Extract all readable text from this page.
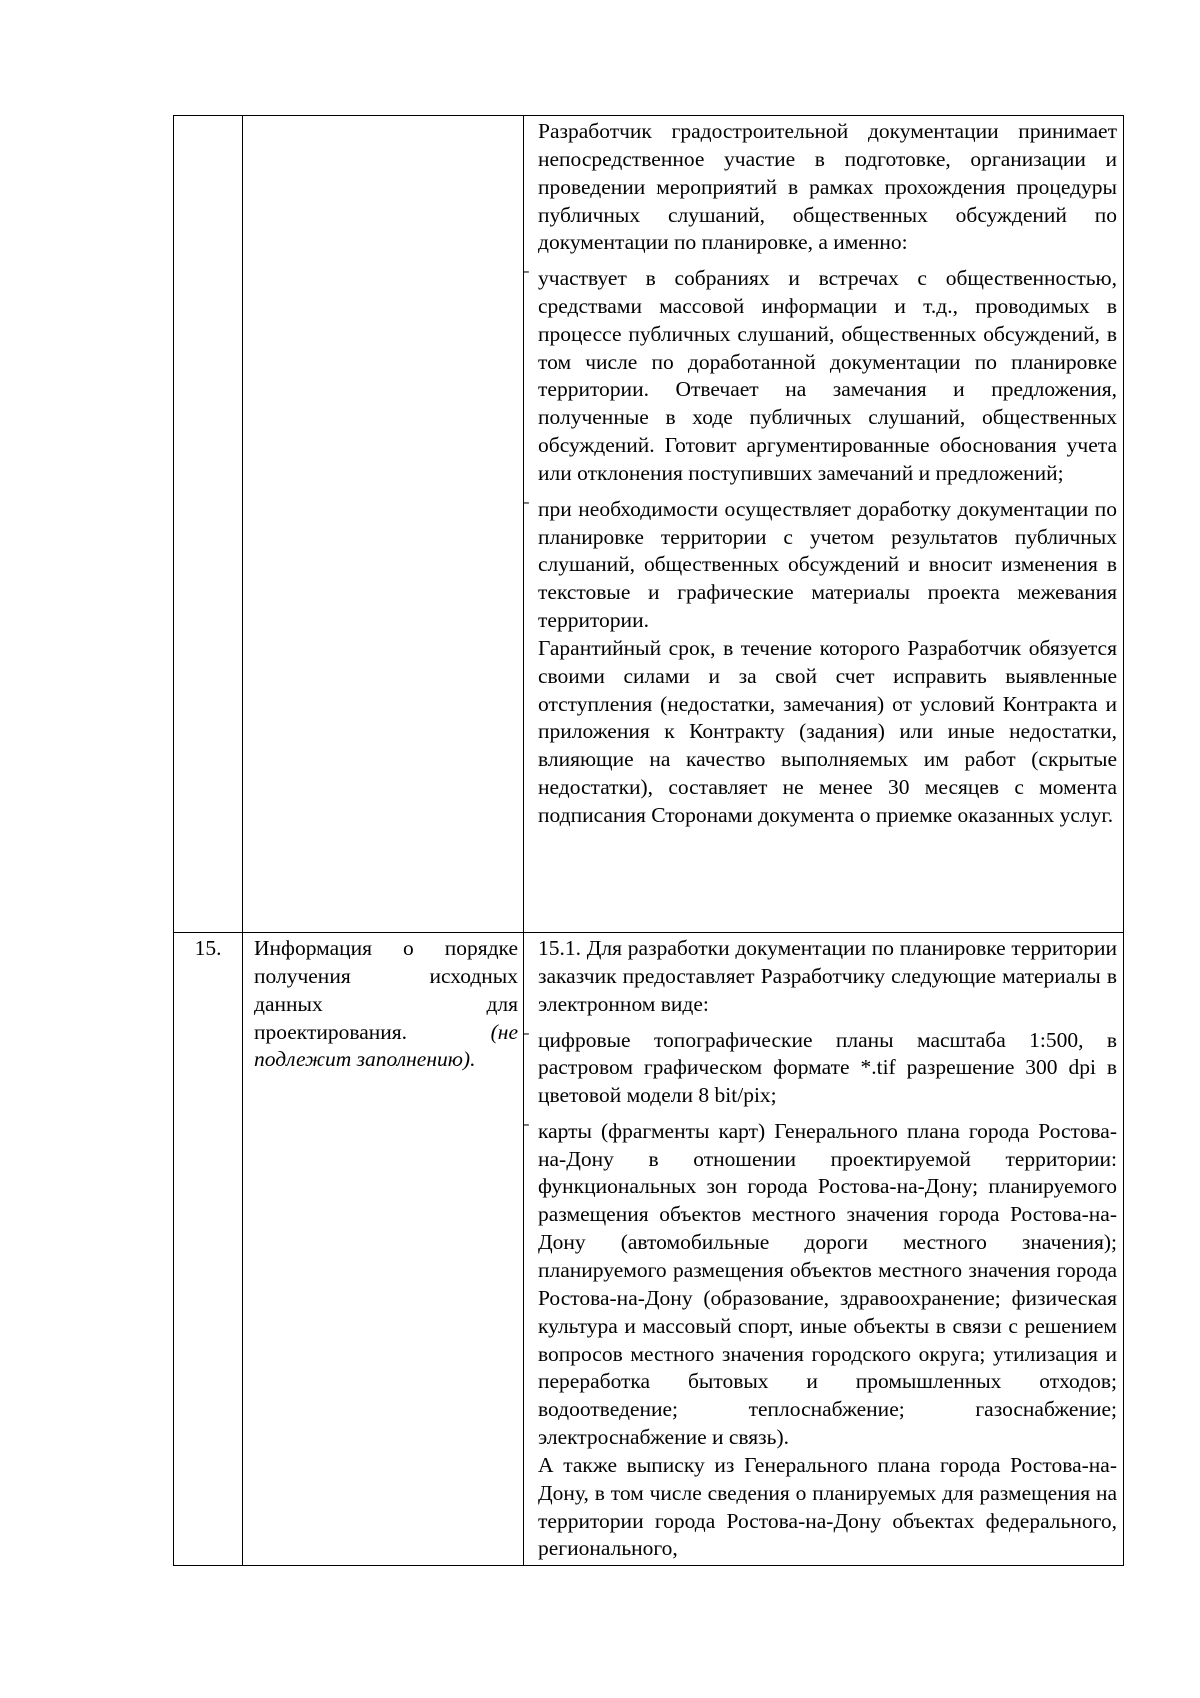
		Разработчик градостроительной документации принимает непосредственное участие в подготовке, организации и проведении мероприятий в рамках прохождения процедуры публичных слушаний, общественных обсуждений по документации по планировке, а именно:

–участвует в собраниях и встречах с общественностью, средствами массовой информации и т.д., проводимых в процессе публичных слушаний, общественных обсуждений, в том числе по доработанной документации по планировке территории. Отвечает на замечания и предложения, полученные в ходе публичных слушаний, общественных обсуждений. Готовит аргументированные обоснования учета или отклонения поступивших замечаний и предложений;

–при необходимости осуществляет доработку документации по планировке территории с учетом результатов публичных слушаний, общественных обсуждений и вносит изменения в текстовые и графические материалы проекта межевания территории.

Гарантийный срок, в течение которого Разработчик обязуется своими силами и за свой счет исправить выявленные отступления (недостатки, замечания) от условий Контракта и приложения к Контракту (задания) или иные недостатки, влияющие на качество выполняемых им работ (скрытые недостатки), составляет не менее 30 месяцев с момента подписания Сторонами документа о приемке оказанных услуг.

15.	Информация о порядке получения исходных данных для проектирования. (не подлежит заполнению).	15.1. Для разработки документации по планировке территории заказчик предоставляет Разработчику следующие материалы в электронном виде:

–цифровые топографические планы масштаба 1:500, в растровом графическом формате *.tif разрешение 300 dpi в цветовой модели 8 bit/pix;

–карты (фрагменты карт) Генерального плана города Ростова-на-Дону в отношении проектируемой территории: функциональных зон города Ростова-на-Дону; планируемого размещения объектов местного значения города Ростова-на-Дону (автомобильные дороги местного значения); планируемого размещения объектов местного значения города Ростова-на-Дону (образование, здравоохранение; физическая культура и массовый спорт, иные объекты в связи с решением вопросов местного значения городского округа; утилизация и переработка бытовых и промышленных отходов; водоотведение; теплоснабжение; газоснабжение; электроснабжение и связь).

А также выписку из Генерального плана города Ростова-на-Дону, в том числе сведения о планируемых для размещения на территории города Ростова-на-Дону объектах федерального, регионального,
